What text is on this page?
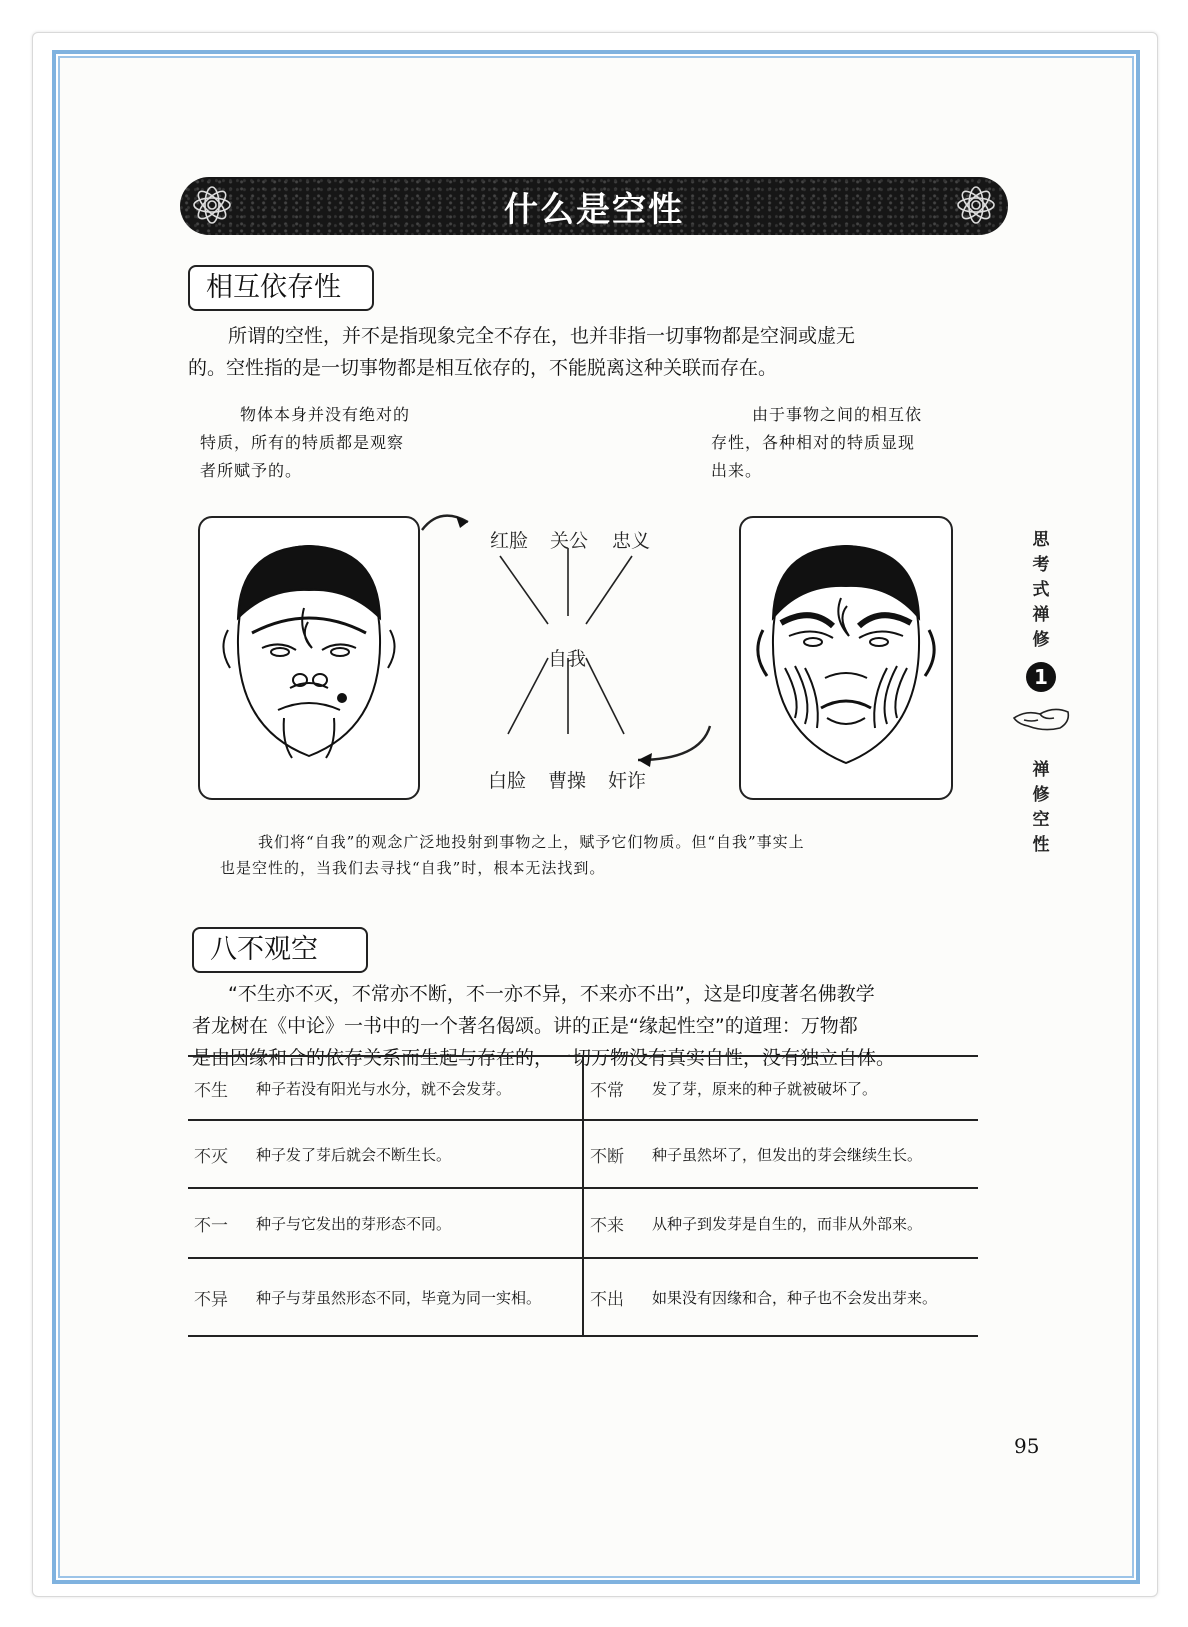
什么是空性
相互依存性
所谓的空性，并不是指现象完全不存在，也并非指一切事物都是空洞或虚无
的。空性指的是一切事物都是相互依存的，不能脱离这种关联而存在。
物体本身并没有绝对的
特质，所有的特质都是观察
者所赋予的。
由于事物之间的相互依
存性，各种相对的特质显现
出来。
红脸 关公 忠义
自我
白脸 曹操 奸诈
我们将“自我”的观念广泛地投射到事物之上，赋予它们物质。但“自我”事实上
也是空性的，当我们去寻找“自我”时，根本无法找到。
八不观空
“不生亦不灭，不常亦不断，不一亦不异，不来亦不出”，这是印度著名佛教学
者龙树在《中论》一书中的一个著名偈颂。讲的正是“缘起性空”的道理：万物都
是由因缘和合的依存关系而生起与存在的，一切万物没有真实自性，没有独立自体。
不生	种子若没有阳光与水分，就不会发芽。	不常	发了芽，原来的种子就被破坏了。
不灭	种子发了芽后就会不断生长。	不断	种子虽然坏了，但发出的芽会继续生长。
不一	种子与它发出的芽形态不同。	不来	从种子到发芽是自生的，而非从外部来。
不异	种子与芽虽然形态不同，毕竟为同一实相。	不出	如果没有因缘和合，种子也不会发出芽来。
思
考
式
禅
修
1
禅
修
空
性
95
